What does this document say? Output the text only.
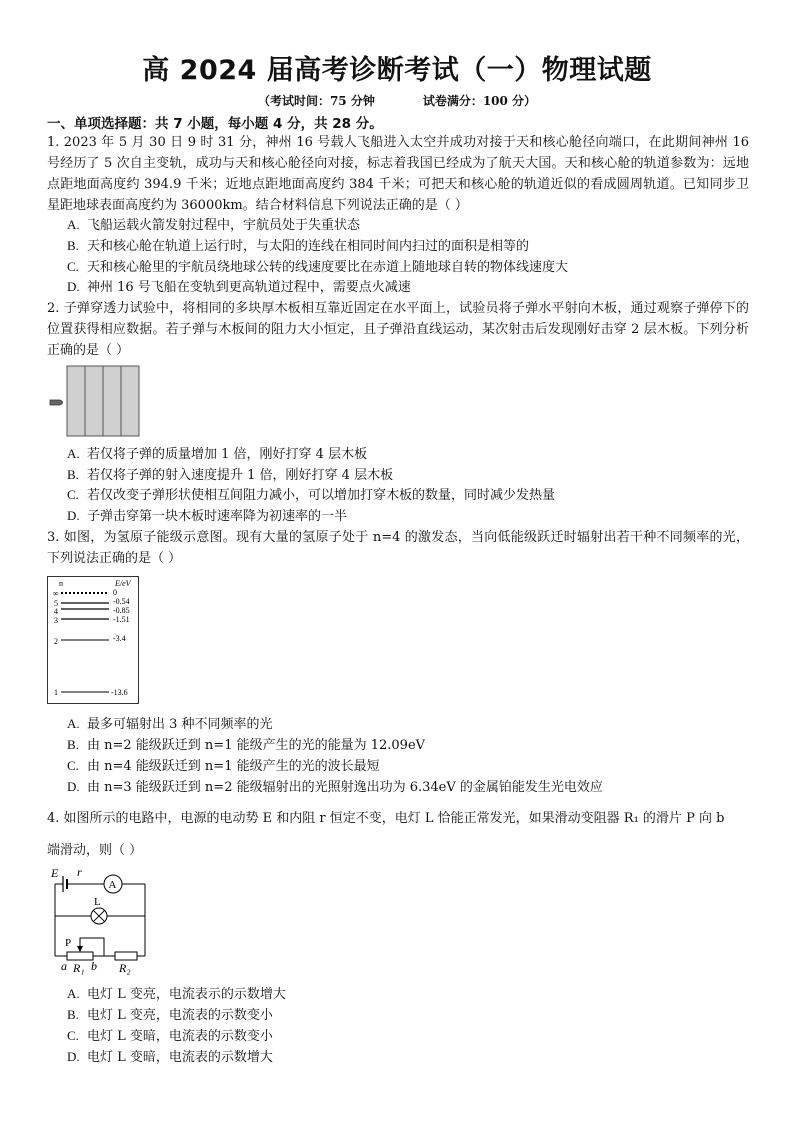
高 2024 届高考诊断考试（一）物理试题
（考试时间：75 分钟	试卷满分：100 分）
一、单项选择题：共 7 小题，每小题 4 分，共 28 分。
1. 2023 年 5 月 30 日 9 时 31 分，神州 16 号载人飞船进入太空并成功对接于天和核心舱径向端口，在此期间神州 16 号经历了 5 次自主变轨，成功与天和核心舱径向对接，标志着我国已经成为了航天大国。天和核心舱的轨道参数为：远地点距地面高度约 394.9 千米；近地点距地面高度约 384 千米；可把天和核心舱的轨道近似的看成圆周轨道。已知同步卫星距地球表面高度约为 36000km。结合材料信息下列说法正确的是（ ）
A. 飞船运载火箭发射过程中，宇航员处于失重状态
B. 天和核心舱在轨道上运行时，与太阳的连线在相同时间内扫过的面积是相等的
C. 天和核心舱里的宇航员绕地球公转的线速度要比在赤道上随地球自转的物体线速度大
D. 神州 16 号飞船在变轨到更高轨道过程中，需要点火减速
2. 子弹穿透力试验中，将相同的多块厚木板相互靠近固定在水平面上，试验员将子弹水平射向木板，通过观察子弹停下的位置获得相应数据。若子弹与木板间的阻力大小恒定，且子弹沿直线运动，某次射击后发现刚好击穿 2 层木板。下列分析正确的是（ ）
A. 若仅将子弹的质量增加 1 倍，刚好打穿 4 层木板
B. 若仅将子弹的射入速度提升 1 倍，刚好打穿 4 层木板
C. 若仅改变子弹形状使相互间阻力减小，可以增加打穿木板的数量，同时减少发热量
D. 子弹击穿第一块木板时速率降为初速率的一半
3. 如图，为氢原子能级示意图。现有大量的氢原子处于 n=4 的激发态，当向低能级跃迁时辐射出若干种不同频率的光，下列说法正确的是（ ）
n	E/eV
∞	0
5	-0.54
4	-0.85
3	-1.51
2	-3.4
1	-13.6
A. 最多可辐射出 3 种不同频率的光
B. 由 n=2 能级跃迁到 n=1 能级产生的光的能量为 12.09eV
C. 由 n=4 能级跃迁到 n=1 能级产生的光的波长最短
D. 由 n=3 能级跃迁到 n=2 能级辐射出的光照射逸出功为 6.34eV 的金属铂能发生光电效应
4. 如图所示的电路中，电源的电动势 E 和内阻 r 恒定不变，电灯 L 恰能正常发光，如果滑动变阻器 R₁ 的滑片 P 向 b
端滑动，则（ ）
A
E r
L
P
a R₁ b R₂
A. 电灯 L 变亮，电流表示的示数增大
B. 电灯 L 变亮，电流表的示数变小
C. 电灯 L 变暗，电流表的示数变小
D. 电灯 L 变暗，电流表的示数增大
